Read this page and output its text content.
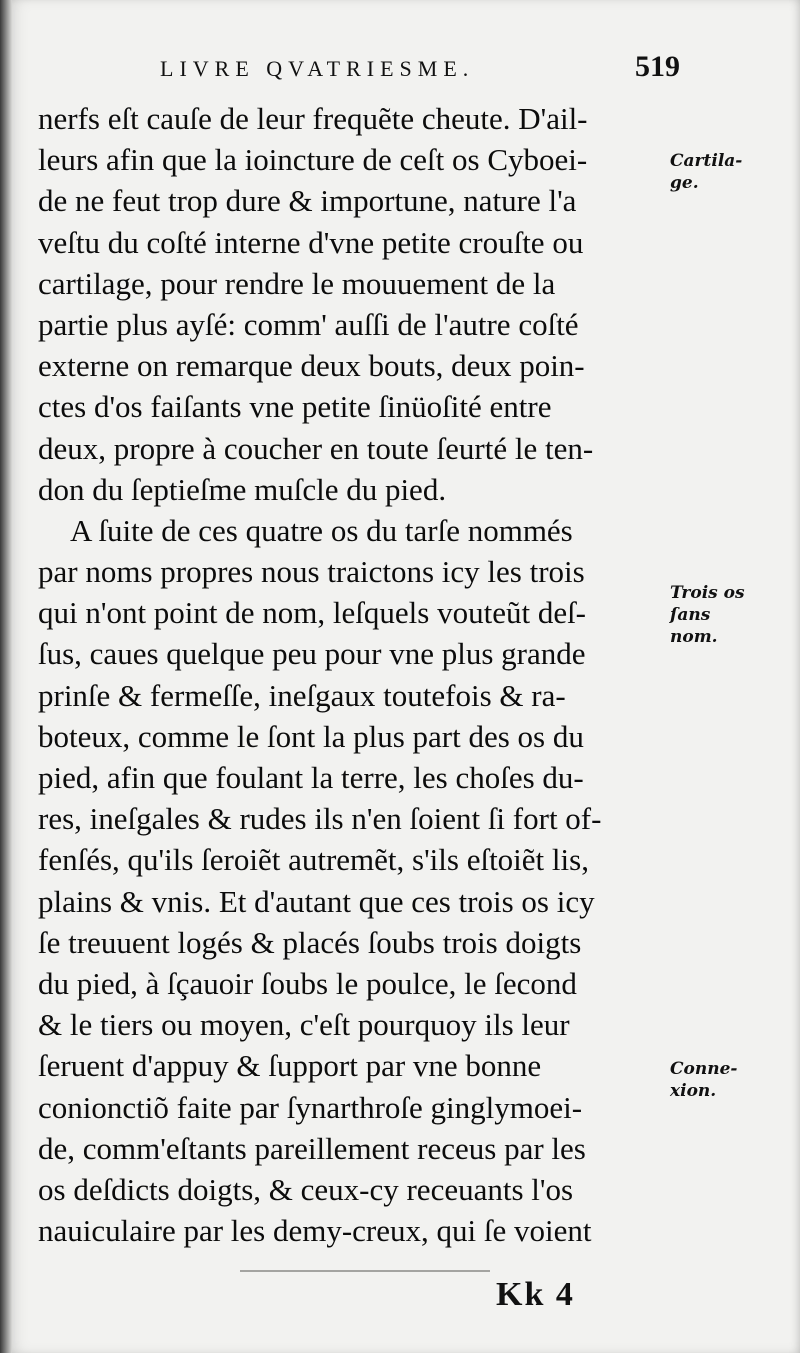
LIVRE QVATRIESME.	519
nerfs eſt cauſe de leur frequẽte cheute. D'ail-
leurs afin que la ioincture de ceſt os Cyboei-
de ne feut trop dure & importune, nature l'a
veſtu du coſté interne d'vne petite crouſte ou
cartilage, pour rendre le mouuement de la
partie plus ayſé: comm' auſſi de l'autre coſté
externe on remarque deux bouts, deux poin-
ctes d'os faiſants vne petite ſinüoſité entre
deux, propre à coucher en toute ſeurté le ten-
don du ſeptieſme muſcle du pied.
A ſuite de ces quatre os du tarſe nommés
par noms propres nous traictons icy les trois
qui n'ont point de nom, leſquels vouteũt deſ-
ſus, caues quelque peu pour vne plus grande
prinſe & fermeſſe, ineſgaux toutefois & ra-
boteux, comme le ſont la plus part des os du
pied, afin que foulant la terre, les choſes du-
res, ineſgales & rudes ils n'en ſoient ſi fort of-
fenſés, qu'ils ſeroiẽt autremẽt, s'ils eſtoiẽt lis,
plains & vnis. Et d'autant que ces trois os icy
ſe treuuent logés & placés ſoubs trois doigts
du pied, à ſçauoir ſoubs le poulce, le ſecond
& le tiers ou moyen, c'eſt pourquoy ils leur
ſeruent d'appuy & ſupport par vne bonne
conionctiõ faite par ſynarthroſe ginglymoei-
de, comm'eſtants pareillement receus par les
os deſdicts doigts, & ceux-cy receuants l'os
nauiculaire par les demy-creux, qui ſe voient
Cartila-
ge.
Trois os
ſans
nom.
Conne-
xion.
Kk 4
